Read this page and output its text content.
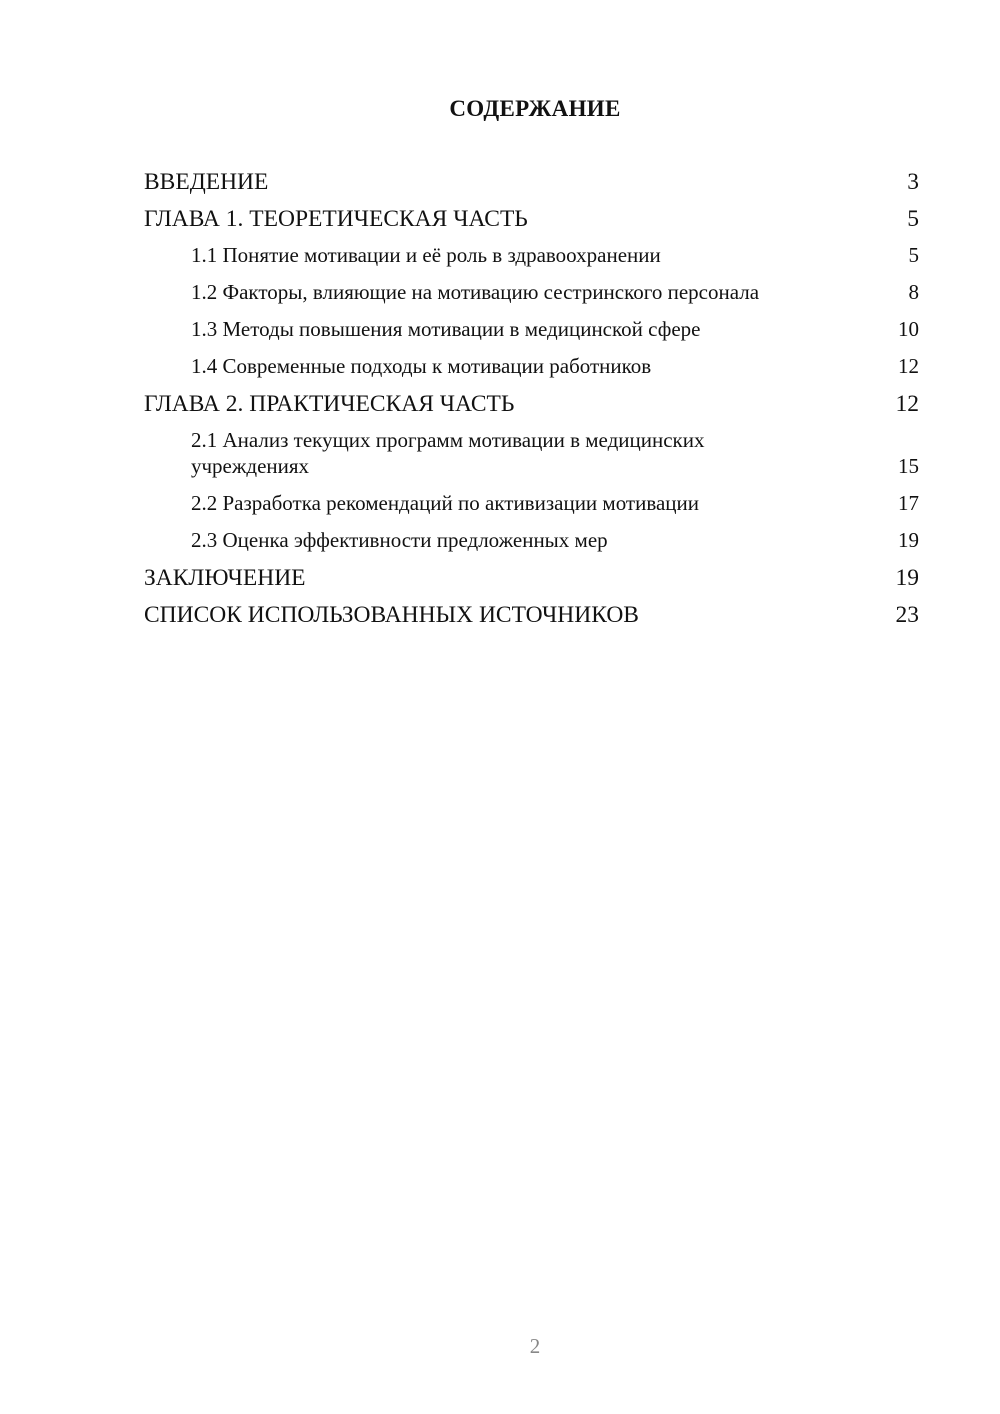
СОДЕРЖАНИЕ
ВВЕДЕНИЕ	3
ГЛАВА 1. ТЕОРЕТИЧЕСКАЯ ЧАСТЬ	5
1.1 Понятие мотивации и её роль в здравоохранении	5
1.2 Факторы, влияющие на мотивацию сестринского персонала	8
1.3 Методы повышения мотивации в медицинской сфере	10
1.4 Современные подходы к мотивации работников	12
ГЛАВА 2. ПРАКТИЧЕСКАЯ ЧАСТЬ	12
2.1 Анализ текущих программ мотивации в медицинских учреждениях	15
2.2 Разработка рекомендаций по активизации мотивации	17
2.3 Оценка эффективности предложенных мер	19
ЗАКЛЮЧЕНИЕ	19
СПИСОК ИСПОЛЬЗОВАННЫХ ИСТОЧНИКОВ	23
2
